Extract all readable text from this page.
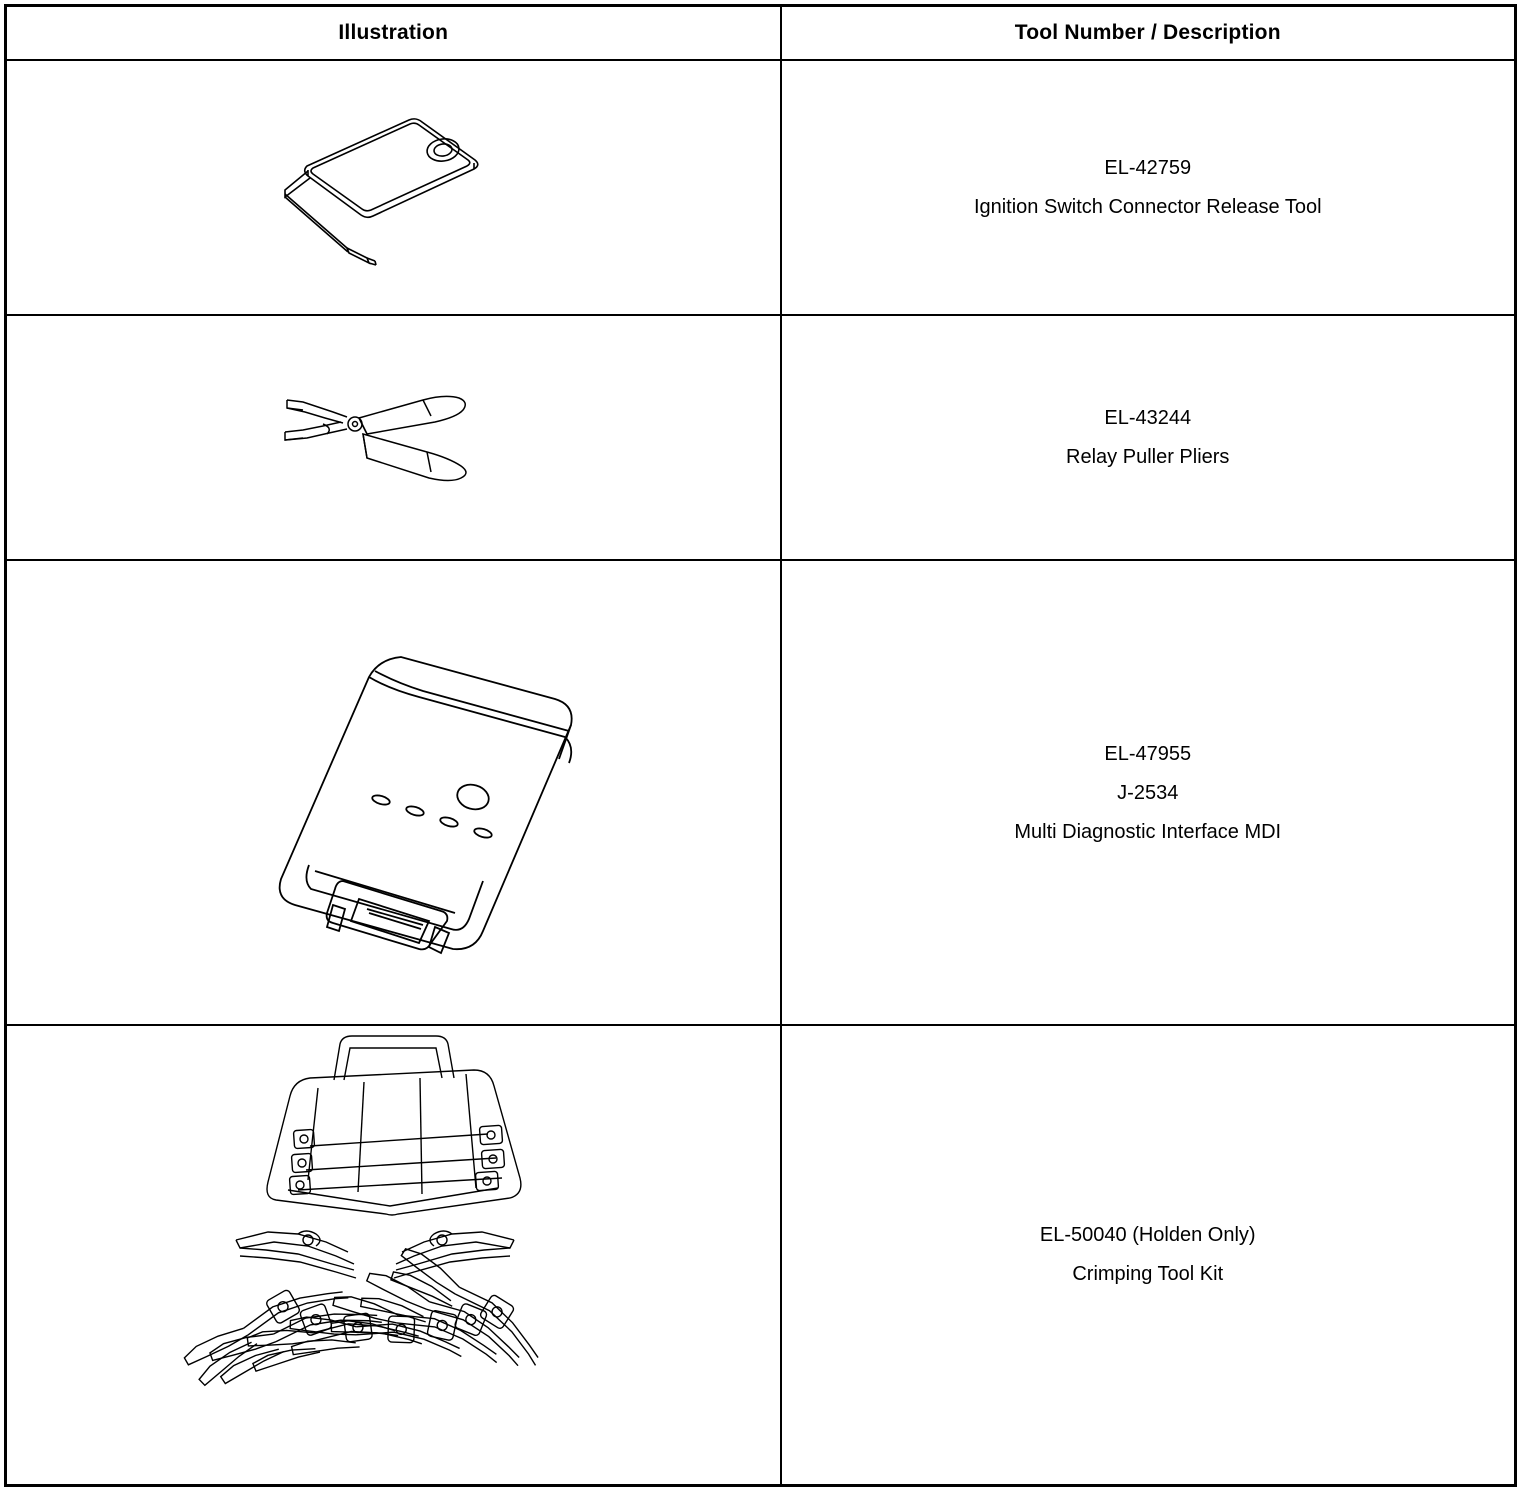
Illustration	Tool Number / Description

EL-42759
Ignition Switch Connector Release Tool

EL-43244
Relay Puller Pliers

EL-47955
J-2534
Multi Diagnostic Interface MDI

EL-50040 (Holden Only)
Crimping Tool Kit
